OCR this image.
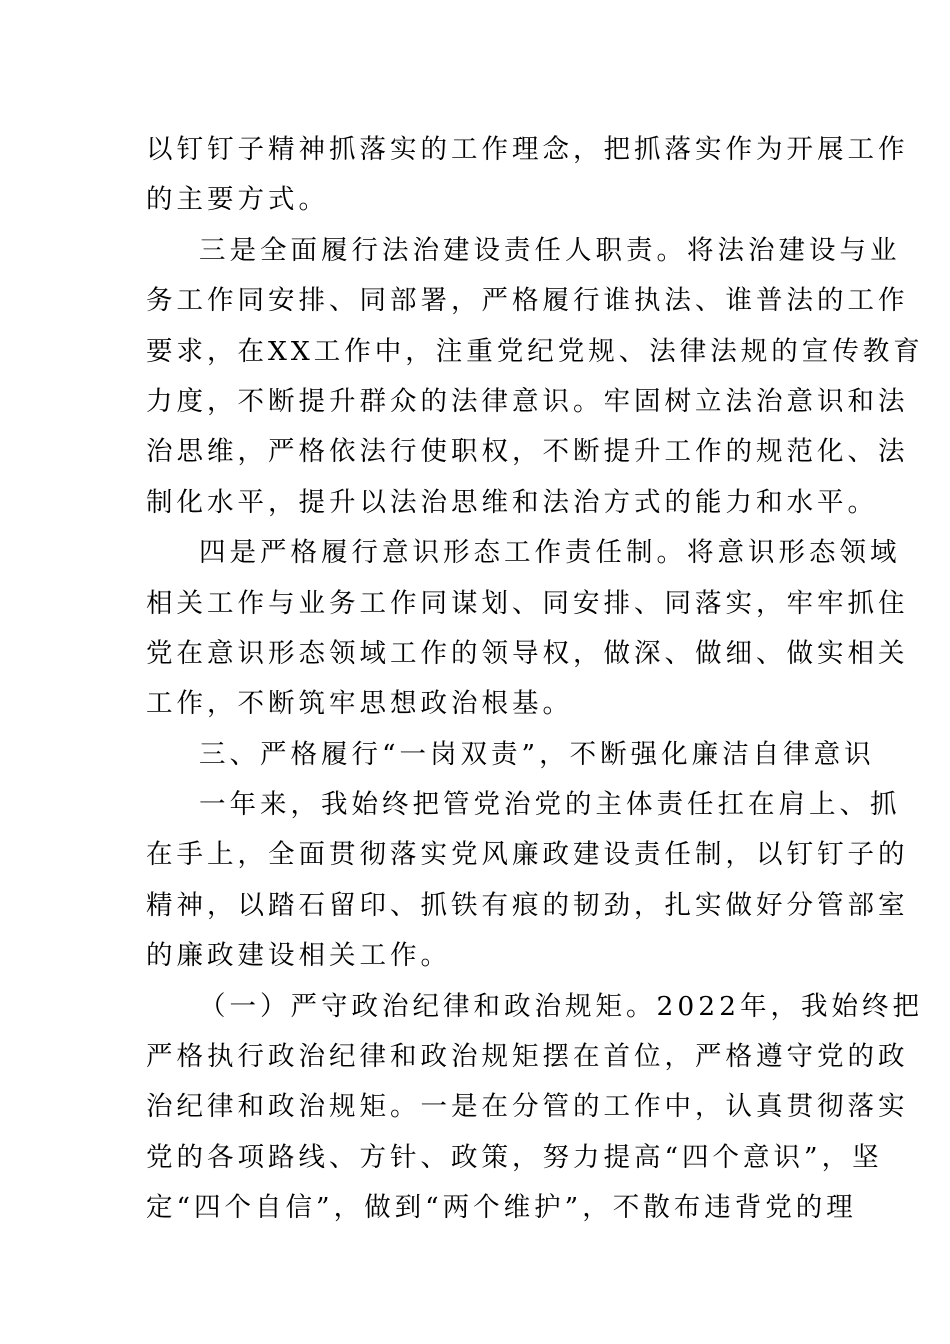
以钉钉子精神抓落实的工作理念，把抓落实作为开展工作
的主要方式。
三是全面履行法治建设责任人职责。将法治建设与业
务工作同安排、同部署，严格履行谁执法、谁普法的工作
要求，在XX工作中，注重党纪党规、法律法规的宣传教育
力度，不断提升群众的法律意识。牢固树立法治意识和法
治思维，严格依法行使职权，不断提升工作的规范化、法
制化水平，提升以法治思维和法治方式的能力和水平。
四是严格履行意识形态工作责任制。将意识形态领域
相关工作与业务工作同谋划、同安排、同落实，牢牢抓住
党在意识形态领域工作的领导权，做深、做细、做实相关
工作，不断筑牢思想政治根基。
三、严格履行“一岗双责”，不断强化廉洁自律意识
一年来，我始终把管党治党的主体责任扛在肩上、抓
在手上，全面贯彻落实党风廉政建设责任制，以钉钉子的
精神，以踏石留印、抓铁有痕的韧劲，扎实做好分管部室
的廉政建设相关工作。
（一）严守政治纪律和政治规矩。2022年，我始终把
严格执行政治纪律和政治规矩摆在首位，严格遵守党的政
治纪律和政治规矩。一是在分管的工作中，认真贯彻落实
党的各项路线、方针、政策，努力提高“四个意识”，坚
定“四个自信”，做到“两个维护”，不散布违背党的理
